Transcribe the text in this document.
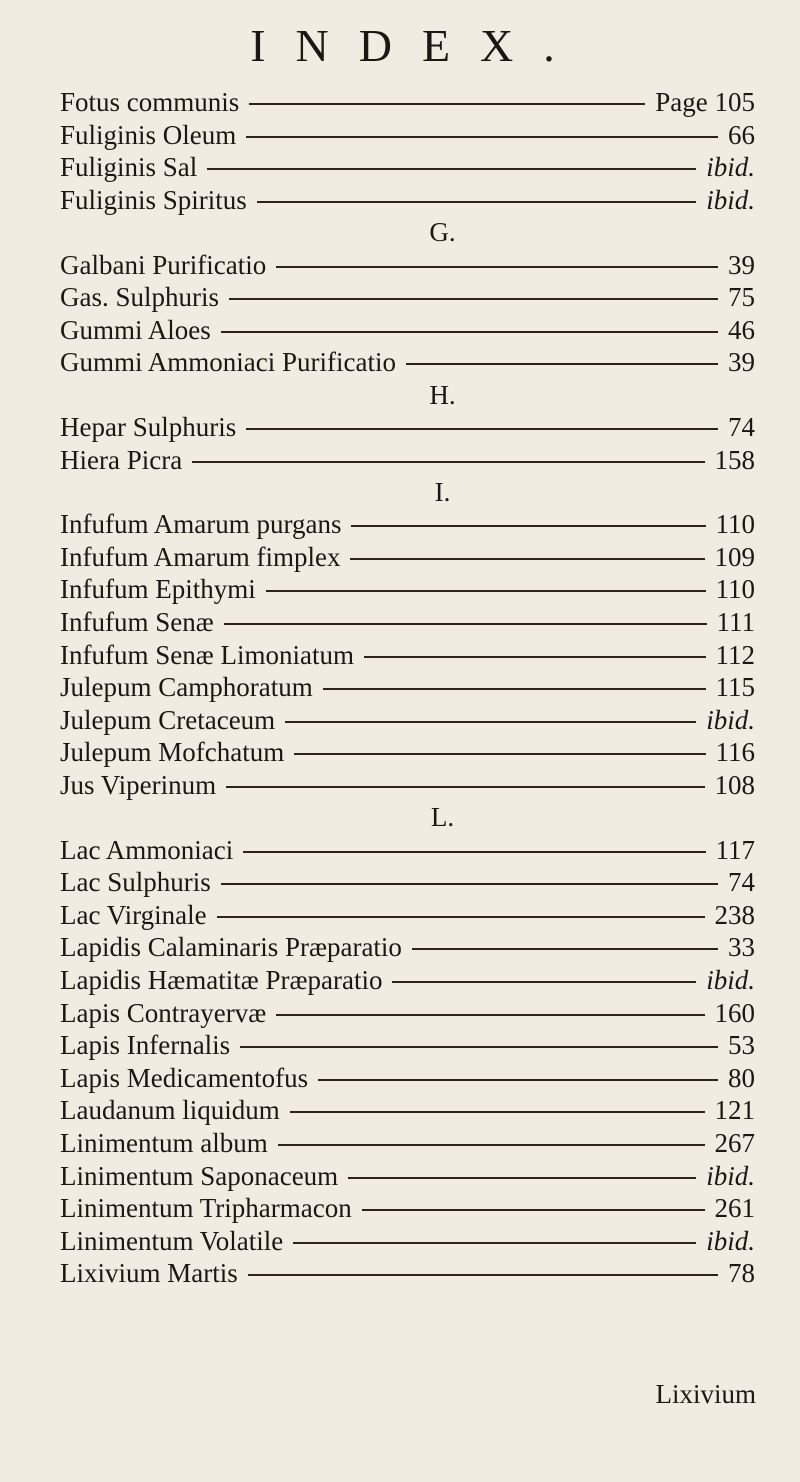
INDEX.
Fotus communis	Page 105
Fuliginis Oleum	66
Fuliginis Sal	ibid.
Fuliginis Spiritus	ibid.
G.
Galbani Purificatio	39
Gas. Sulphuris	75
Gummi Aloes	46
Gummi Ammoniaci Purificatio	39
H.
Hepar Sulphuris	74
Hiera Picra	158
I.
Infufum Amarum purgans	110
Infufum Amarum fimplex	109
Infufum Epithymi	110
Infufum Senæ	111
Infufum Senæ Limoniatum	112
Julepum Camphoratum	115
Julepum Cretaceum	ibid.
Julepum Mofchatum	116
Jus Viperinum	108
L.
Lac Ammoniaci	117
Lac Sulphuris	74
Lac Virginale	238
Lapidis Calaminaris Præparatio	33
Lapidis Hæmatitæ Præparatio	ibid.
Lapis Contrayervæ	160
Lapis Infernalis	53
Lapis Medicamentofus	80
Laudanum liquidum	121
Linimentum album	267
Linimentum Saponaceum	ibid.
Linimentum Tripharmacon	261
Linimentum Volatile	ibid.
Lixivium Martis	78
Lixivium
